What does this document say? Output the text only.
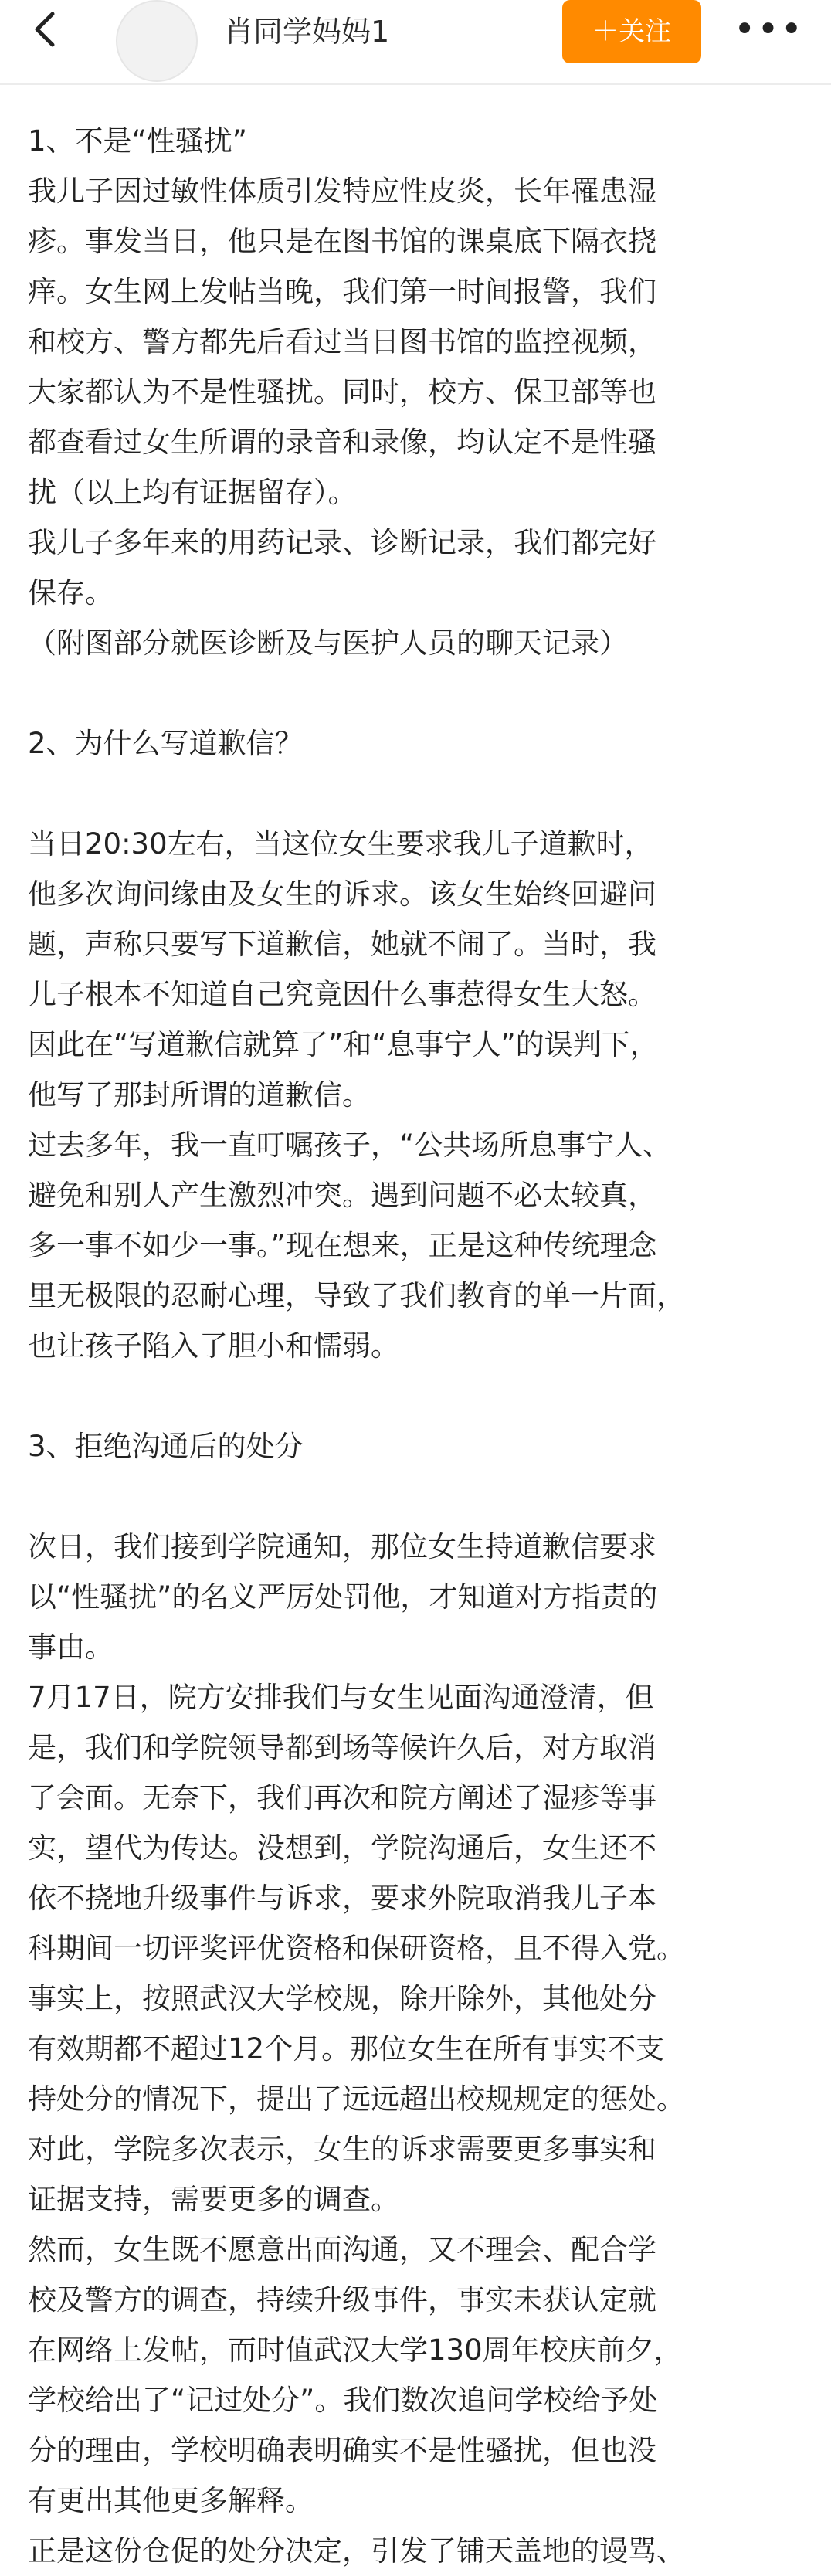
肖同学妈妈1	＋关注	•••
1、不是“性骚扰”
我儿子因过敏性体质引发特应性皮炎，长年罹患湿
疹。事发当日，他只是在图书馆的课桌底下隔衣挠
痒。女生网上发帖当晚，我们第一时间报警，我们
和校方、警方都先后看过当日图书馆的监控视频，
大家都认为不是性骚扰。同时，校方、保卫部等也
都查看过女生所谓的录音和录像，均认定不是性骚
扰（以上均有证据留存）。
我儿子多年来的用药记录、诊断记录，我们都完好
保存。
（附图部分就医诊断及与医护人员的聊天记录）
2、为什么写道歉信？
当日20:30左右，当这位女生要求我儿子道歉时，
他多次询问缘由及女生的诉求。该女生始终回避问
题，声称只要写下道歉信，她就不闹了。当时，我
儿子根本不知道自己究竟因什么事惹得女生大怒。
因此在“写道歉信就算了”和“息事宁人”的误判下，
他写了那封所谓的道歉信。
过去多年，我一直叮嘱孩子，“公共场所息事宁人、
避免和别人产生激烈冲突。遇到问题不必太较真，
多一事不如少一事。”现在想来，正是这种传统理念
里无极限的忍耐心理，导致了我们教育的单一片面，
也让孩子陷入了胆小和懦弱。
3、拒绝沟通后的处分
次日，我们接到学院通知，那位女生持道歉信要求
以“性骚扰”的名义严厉处罚他，才知道对方指责的
事由。
7月17日，院方安排我们与女生见面沟通澄清，但
是，我们和学院领导都到场等候许久后，对方取消
了会面。无奈下，我们再次和院方阐述了湿疹等事
实，望代为传达。没想到，学院沟通后，女生还不
依不挠地升级事件与诉求，要求外院取消我儿子本
科期间一切评奖评优资格和保研资格，且不得入党。
事实上，按照武汉大学校规，除开除外，其他处分
有效期都不超过12个月。那位女生在所有事实不支
持处分的情况下，提出了远远超出校规规定的惩处。
对此，学院多次表示，女生的诉求需要更多事实和
证据支持，需要更多的调查。
然而，女生既不愿意出面沟通，又不理会、配合学
校及警方的调查，持续升级事件，事实未获认定就
在网络上发帖，而时值武汉大学130周年校庆前夕，
学校给出了“记过处分”。我们数次追问学校给予处
分的理由，学校明确表明确实不是性骚扰，但也没
有更出其他更多解释。
正是这份仓促的处分决定，引发了铺天盖地的谩骂、
